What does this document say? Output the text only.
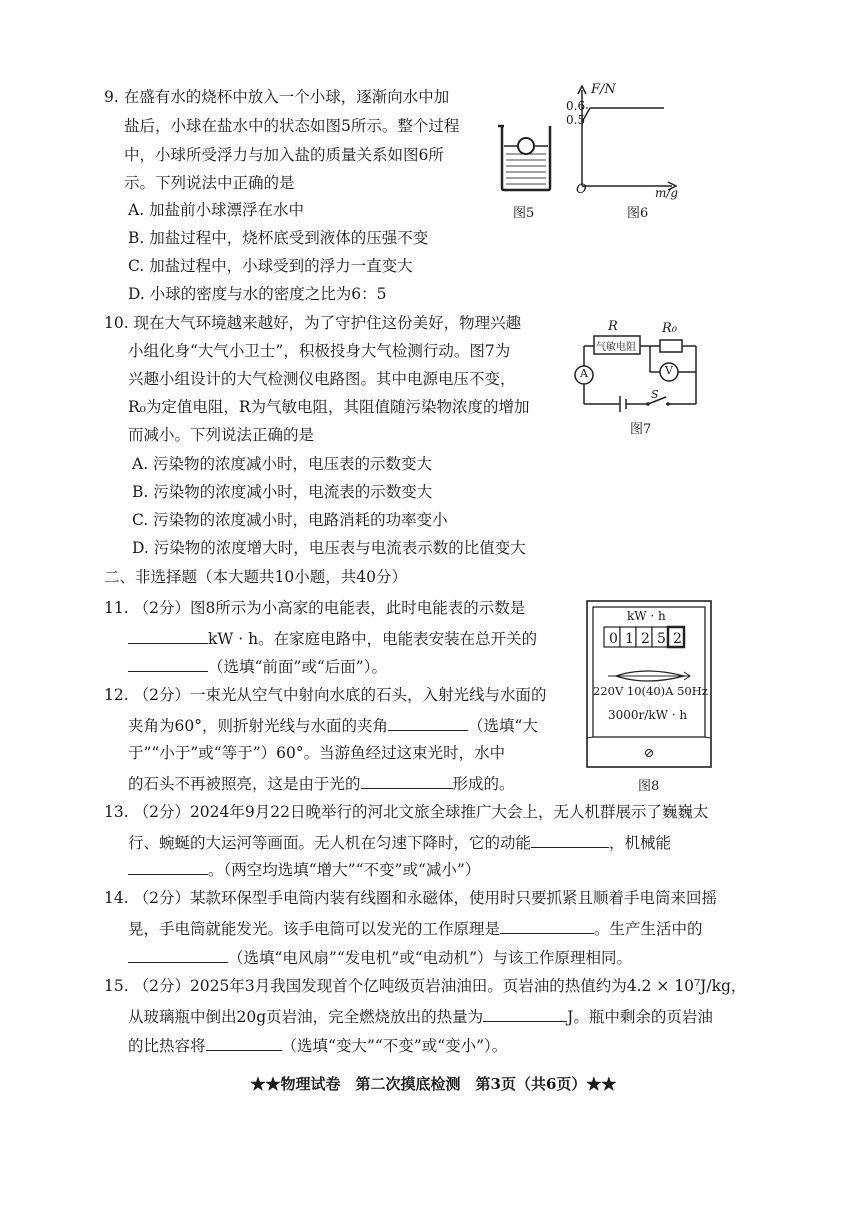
9. 在盛有水的烧杯中放入一个小球，逐渐向水中加
盐后，小球在盐水中的状态如图5所示。整个过程
中，小球所受浮力与加入盐的质量关系如图6所
示。下列说法中正确的是
A. 加盐前小球漂浮在水中
B. 加盐过程中，烧杯底受到液体的压强不变
C. 加盐过程中，小球受到的浮力一直变大
D. 小球的密度与水的密度之比为6：5
图5
F/N
0.6
0.5
O	m/g
图6
10. 现在大气环境越来越好，为了守护住这份美好，物理兴趣
小组化身“大气小卫士”，积极投身大气检测行动。图7为
兴趣小组设计的大气检测仪电路图。其中电源电压不变，
R₀为定值电阻，R为气敏电阻，其阻值随污染物浓度的增加
而减小。下列说法正确的是
A. 污染物的浓度减小时，电压表的示数变大
B. 污染物的浓度减小时，电流表的示数变大
C. 污染物的浓度减小时，电路消耗的功率变小
D. 污染物的浓度增大时，电压表与电流表示数的比值变大
R	R₀
气敏电阻
A	V
S
图7
二、非选择题（本大题共10小题，共40分）
11. （2分）图8所示为小高家的电能表，此时电能表的示数是
kW · h。在家庭电路中，电能表安装在总开关的
（选填“前面”或“后面”）。
kW · h
0 1 2 5 2
220V 10(40)A 50Hz
3000r/kW · h
图8
12. （2分）一束光从空气中射向水底的石头，入射光线与水面的
夹角为60°，则折射光线与水面的夹角	（选填“大
于”“小于”或“等于”）60°。当游鱼经过这束光时，水中
的石头不再被照亮，这是由于光的	形成的。
13. （2分）2024年9月22日晚举行的河北文旅全球推广大会上，无人机群展示了巍巍太
行、蜿蜒的大运河等画面。无人机在匀速下降时，它的动能	，机械能
。（两空均选填“增大”“不变”或“减小”）
14. （2分）某款环保型手电筒内装有线圈和永磁体，使用时只要抓紧且顺着手电筒来回摇
晃，手电筒就能发光。该手电筒可以发光的工作原理是	。生产生活中的
（选填“电风扇”“发电机”或“电动机”）与该工作原理相同。
15. （2分）2025年3月我国发现首个亿吨级页岩油油田。页岩油的热值约为4.2 × 10⁷J/kg，
从玻璃瓶中倒出20g页岩油，完全燃烧放出的热量为	J。瓶中剩余的页岩油
的比热容将	（选填“变大”“不变”或“变小”）。
★★物理试卷　第二次摸底检测　第3页（共6页）★★
